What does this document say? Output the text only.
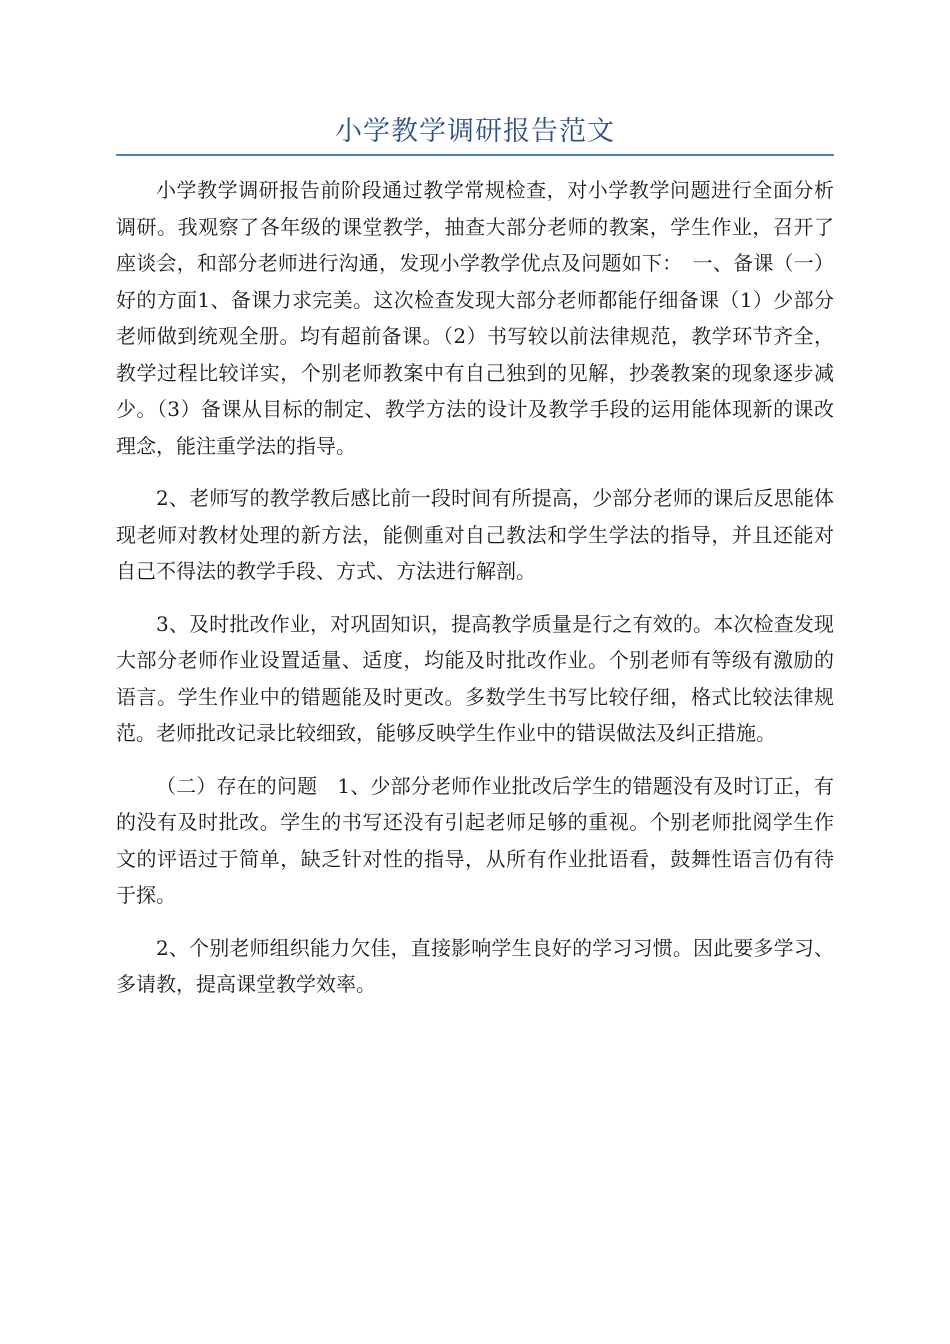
小学教学调研报告范文

小学教学调研报告前阶段通过教学常规检查，对小学教学问题进行全面分析调研。我观察了各年级的课堂教学，抽查大部分老师的教案，学生作业，召开了座谈会，和部分老师进行沟通，发现小学教学优点及问题如下：　一、备课（一）好的方面1、备课力求完美。这次检查发现大部分老师都能仔细备课（1）少部分老师做到统观全册。均有超前备课。（2）书写较以前法律规范，教学环节齐全，教学过程比较详实，个别老师教案中有自己独到的见解，抄袭教案的现象逐步减少。（3）备课从目标的制定、教学方法的设计及教学手段的运用能体现新的课改理念，能注重学法的指导。

2、老师写的教学教后感比前一段时间有所提高，少部分老师的课后反思能体现老师对教材处理的新方法，能侧重对自己教法和学生学法的指导，并且还能对自己不得法的教学手段、方式、方法进行解剖。

3、及时批改作业，对巩固知识，提高教学质量是行之有效的。本次检查发现大部分老师作业设置适量、适度，均能及时批改作业。个别老师有等级有激励的语言。学生作业中的错题能及时更改。多数学生书写比较仔细，格式比较法律规范。老师批改记录比较细致，能够反映学生作业中的错误做法及纠正措施。

（二）存在的问题　1、少部分老师作业批改后学生的错题没有及时订正，有的没有及时批改。学生的书写还没有引起老师足够的重视。个别老师批阅学生作文的评语过于简单，缺乏针对性的指导，从所有作业批语看，鼓舞性语言仍有待于探。

2、个别老师组织能力欠佳，直接影响学生良好的学习习惯。因此要多学习、多请教，提高课堂教学效率。
